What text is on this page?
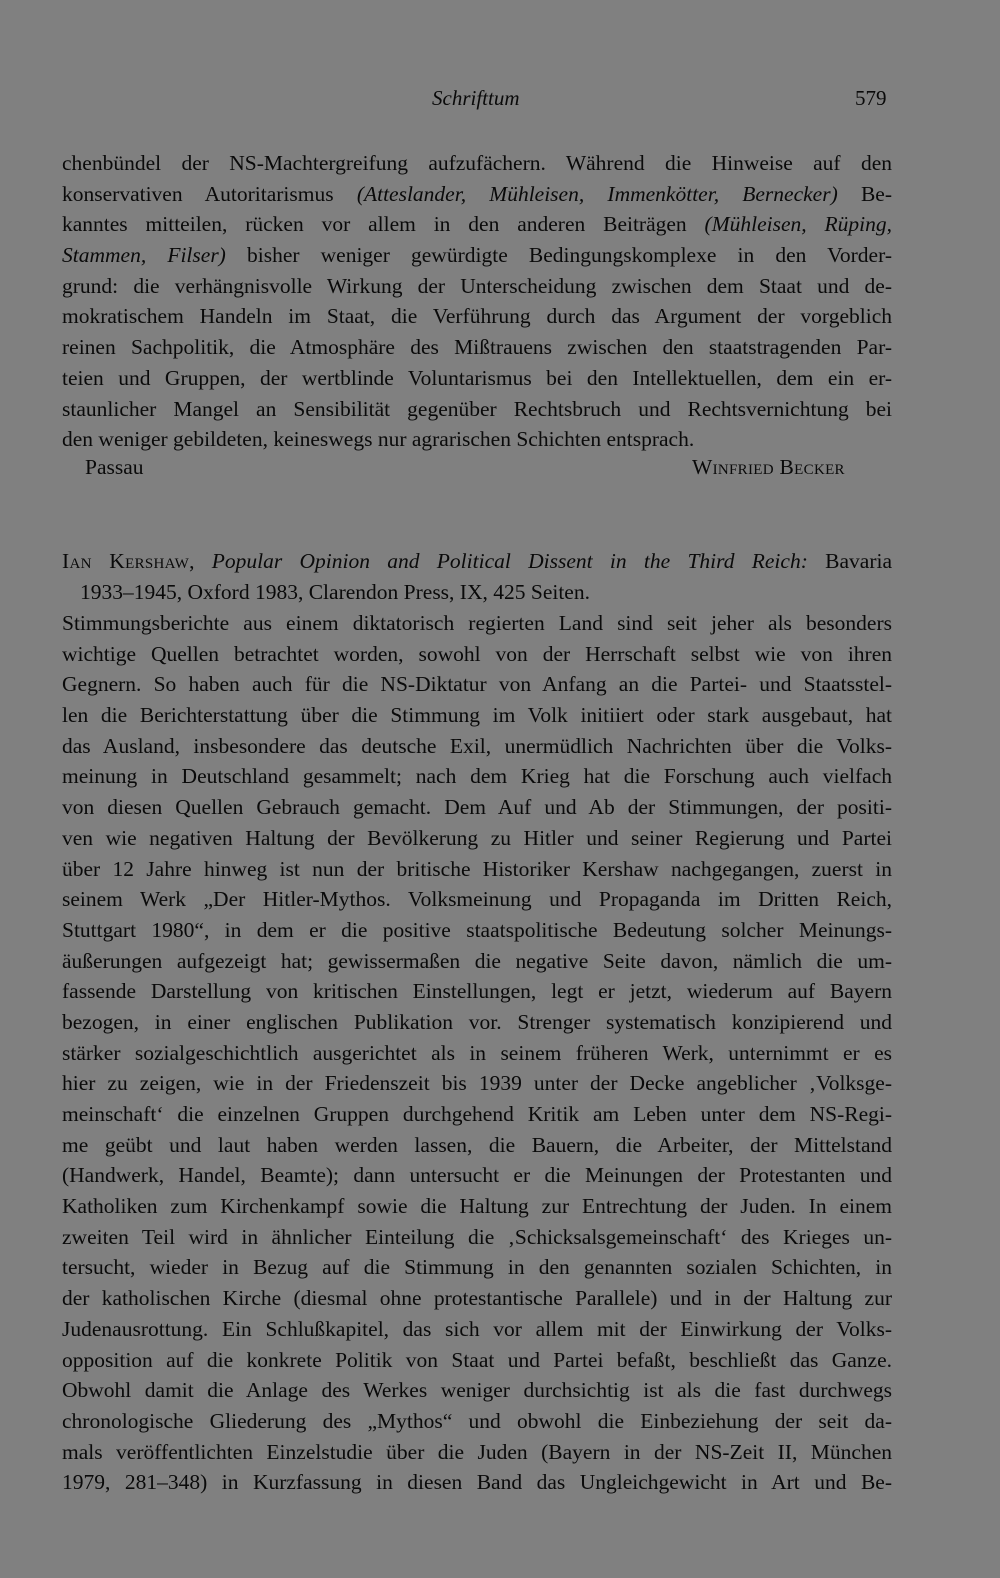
Schrifttum	579
chenbündel der NS-Machtergreifung aufzufächern. Während die Hinweise auf den
konservativen Autoritarismus (Atteslander, Mühleisen, Immenkötter, Bernecker) Be-
kanntes mitteilen, rücken vor allem in den anderen Beiträgen (Mühleisen, Rüping,
Stammen, Filser) bisher weniger gewürdigte Bedingungskomplexe in den Vorder-
grund: die verhängnisvolle Wirkung der Unterscheidung zwischen dem Staat und de-
mokratischem Handeln im Staat, die Verführung durch das Argument der vorgeblich
reinen Sachpolitik, die Atmosphäre des Mißtrauens zwischen den staatstragenden Par-
teien und Gruppen, der wertblinde Voluntarismus bei den Intellektuellen, dem ein er-
staunlicher Mangel an Sensibilität gegenüber Rechtsbruch und Rechtsvernichtung bei
den weniger gebildeten, keineswegs nur agrarischen Schichten entsprach.
Passau	Winfried Becker
Ian Kershaw, Popular Opinion and Political Dissent in the Third Reich: Bavaria
1933–1945, Oxford 1983, Clarendon Press, IX, 425 Seiten.
Stimmungsberichte aus einem diktatorisch regierten Land sind seit jeher als besonders
wichtige Quellen betrachtet worden, sowohl von der Herrschaft selbst wie von ihren
Gegnern. So haben auch für die NS-Diktatur von Anfang an die Partei- und Staatsstel-
len die Berichterstattung über die Stimmung im Volk initiiert oder stark ausgebaut, hat
das Ausland, insbesondere das deutsche Exil, unermüdlich Nachrichten über die Volks-
meinung in Deutschland gesammelt; nach dem Krieg hat die Forschung auch vielfach
von diesen Quellen Gebrauch gemacht. Dem Auf und Ab der Stimmungen, der positi-
ven wie negativen Haltung der Bevölkerung zu Hitler und seiner Regierung und Partei
über 12 Jahre hinweg ist nun der britische Historiker Kershaw nachgegangen, zuerst in
seinem Werk „Der Hitler-Mythos. Volksmeinung und Propaganda im Dritten Reich,
Stuttgart 1980“, in dem er die positive staatspolitische Bedeutung solcher Meinungs-
äußerungen aufgezeigt hat; gewissermaßen die negative Seite davon, nämlich die um-
fassende Darstellung von kritischen Einstellungen, legt er jetzt, wiederum auf Bayern
bezogen, in einer englischen Publikation vor. Strenger systematisch konzipierend und
stärker sozialgeschichtlich ausgerichtet als in seinem früheren Werk, unternimmt er es
hier zu zeigen, wie in der Friedenszeit bis 1939 unter der Decke angeblicher ‚Volksge-
meinschaft‘ die einzelnen Gruppen durchgehend Kritik am Leben unter dem NS-Regi-
me geübt und laut haben werden lassen, die Bauern, die Arbeiter, der Mittelstand
(Handwerk, Handel, Beamte); dann untersucht er die Meinungen der Protestanten und
Katholiken zum Kirchenkampf sowie die Haltung zur Entrechtung der Juden. In einem
zweiten Teil wird in ähnlicher Einteilung die ‚Schicksalsgemeinschaft‘ des Krieges un-
tersucht, wieder in Bezug auf die Stimmung in den genannten sozialen Schichten, in
der katholischen Kirche (diesmal ohne protestantische Parallele) und in der Haltung zur
Judenausrottung. Ein Schlußkapitel, das sich vor allem mit der Einwirkung der Volks-
opposition auf die konkrete Politik von Staat und Partei befaßt, beschließt das Ganze.
Obwohl damit die Anlage des Werkes weniger durchsichtig ist als die fast durchwegs
chronologische Gliederung des „Mythos“ und obwohl die Einbeziehung der seit da-
mals veröffentlichten Einzelstudie über die Juden (Bayern in der NS-Zeit II, München
1979, 281–348) in Kurzfassung in diesen Band das Ungleichgewicht in Art und Be-
